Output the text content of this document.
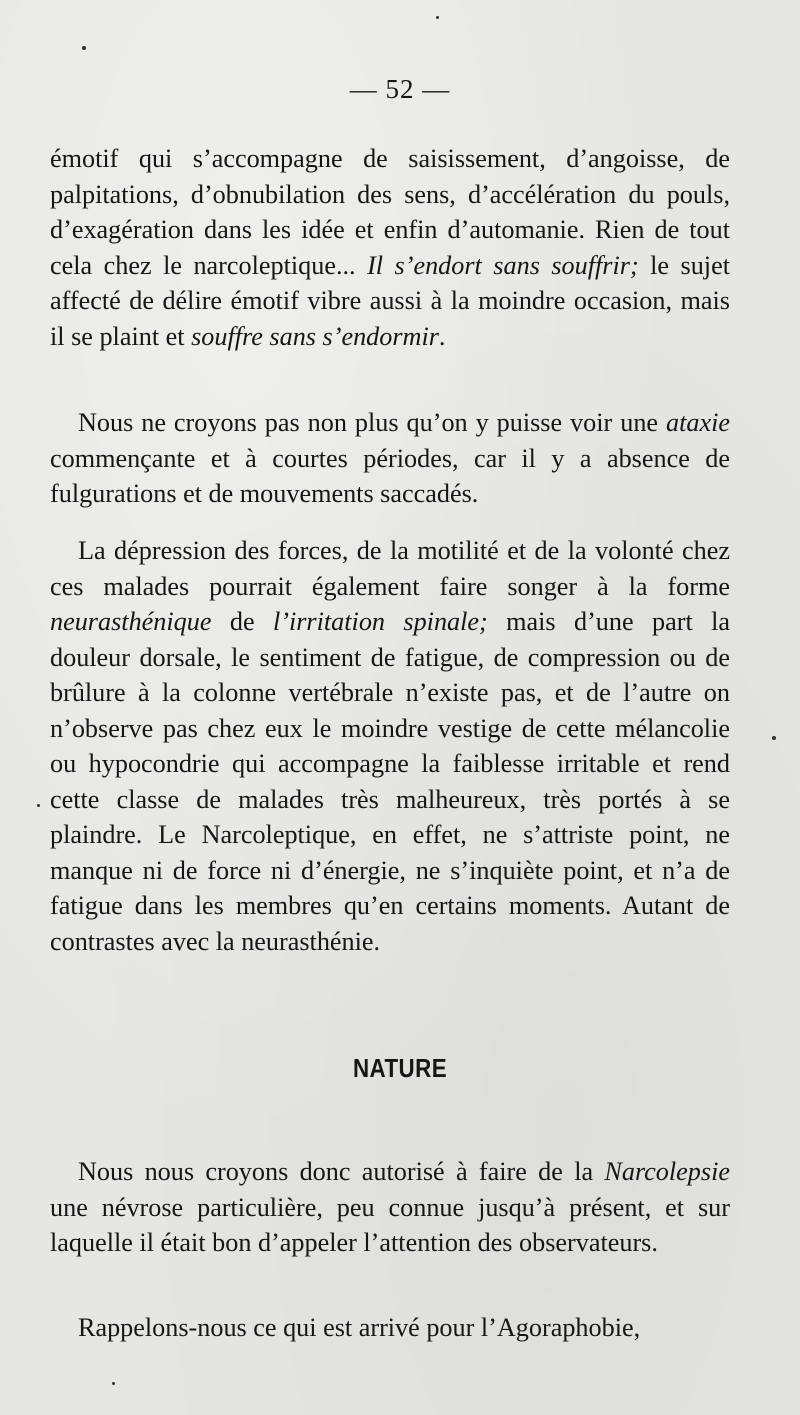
— 52 —

émotif qui s’accompagne de saisissement, d’angoisse, de palpitations, d’obnubilation des sens, d’accélération du pouls, d’exagération dans les idée et enfin d’automanie. Rien de tout cela chez le narcoleptique... Il s’endort sans souffrir; le sujet affecté de délire émotif vibre aussi à la moindre occasion, mais il se plaint et souffre sans s’endormir.

Nous ne croyons pas non plus qu’on y puisse voir une ataxie commençante et à courtes périodes, car il y a absence de fulgurations et de mouvements saccadés.

La dépression des forces, de la motilité et de la volonté chez ces malades pourrait également faire songer à la forme neurasthénique de l’irritation spinale; mais d’une part la douleur dorsale, le sentiment de fatigue, de compression ou de brûlure à la colonne vertébrale n’existe pas, et de l’autre on n’observe pas chez eux le moindre vestige de cette mélancolie ou hypocondrie qui accompagne la faiblesse irritable et rend cette classe de malades très malheureux, très portés à se plaindre. Le Narcoleptique, en effet, ne s’attriste point, ne manque ni de force ni d’énergie, ne s’inquiète point, et n’a de fatigue dans les membres qu’en certains moments. Autant de contrastes avec la neurasthénie.

NATURE

Nous nous croyons donc autorisé à faire de la Narcolepsie une névrose particulière, peu connue jusqu’à présent, et sur laquelle il était bon d’appeler l’attention des observateurs.

Rappelons-nous ce qui est arrivé pour l’Agoraphobie,
